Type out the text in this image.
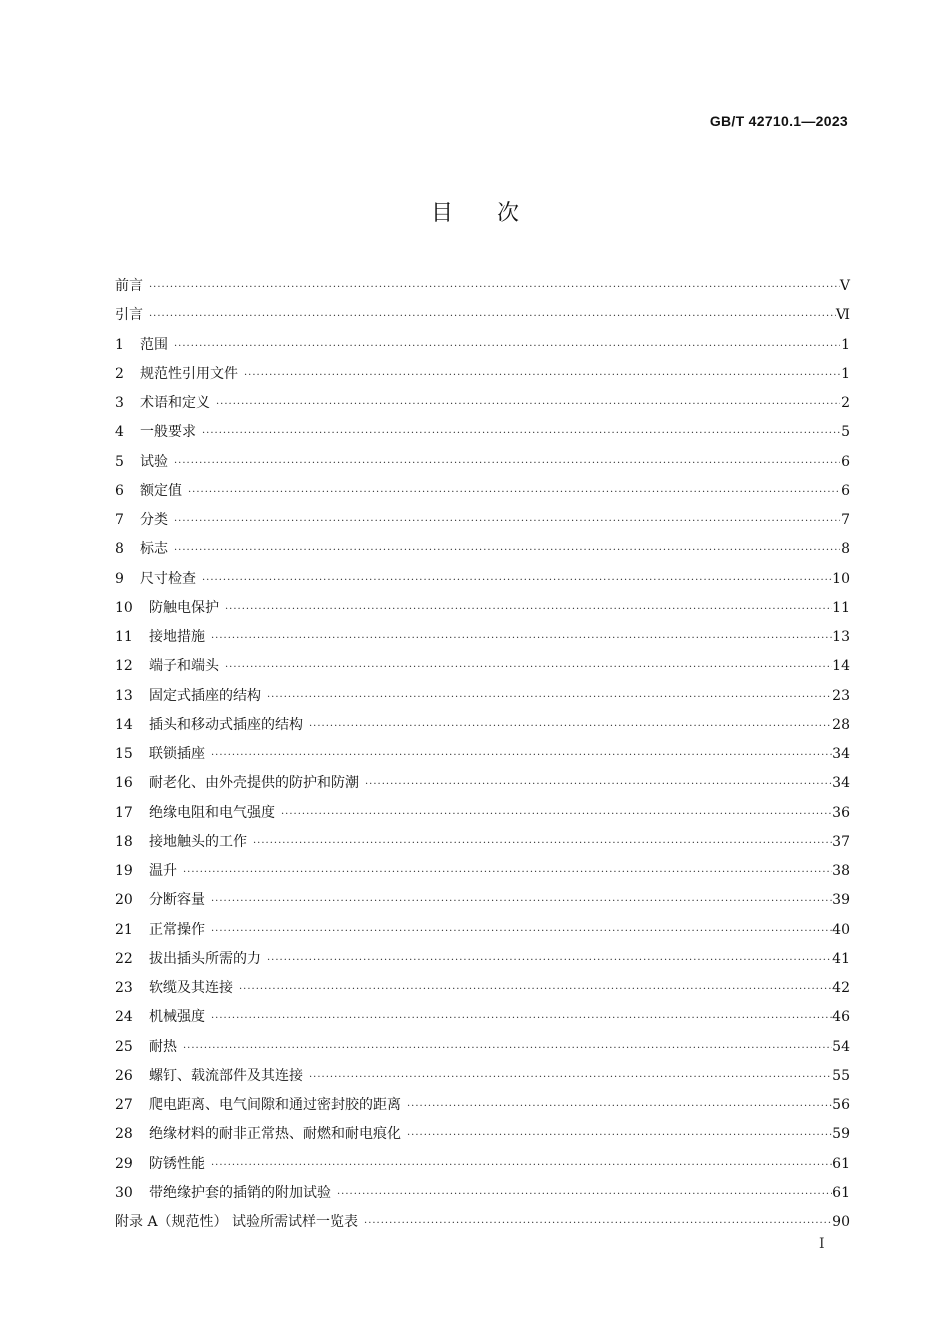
GB/T 42710.1—2023
目 次
前言 ·····	Ⅴ
引言 ·····	Ⅵ
1	范围 ·····	1
2	规范性引用文件 ·····	1
3	术语和定义 ·····	2
4	一般要求 ·····	5
5	试验 ·····	6
6	额定值 ·····	6
7	分类 ·····	7
8	标志 ·····	8
9	尺寸检查 ·····	10
10	防触电保护 ·····	11
11	接地措施 ·····	13
12	端子和端头 ·····	14
13	固定式插座的结构 ·····	23
14	插头和移动式插座的结构 ·····	28
15	联锁插座 ·····	34
16	耐老化、由外壳提供的防护和防潮 ·····	34
17	绝缘电阻和电气强度 ·····	36
18	接地触头的工作 ·····	37
19	温升 ·····	38
20	分断容量 ·····	39
21	正常操作 ·····	40
22	拔出插头所需的力 ·····	41
23	软缆及其连接 ·····	42
24	机械强度 ·····	46
25	耐热 ·····	54
26	螺钉、载流部件及其连接 ·····	55
27	爬电距离、电气间隙和通过密封胶的距离 ·····	56
28	绝缘材料的耐非正常热、耐燃和耐电痕化 ·····	59
29	防锈性能 ·····	61
30	带绝缘护套的插销的附加试验 ·····	61
附录 A（规范性） 试验所需试样一览表 ·····	90
Ⅰ
